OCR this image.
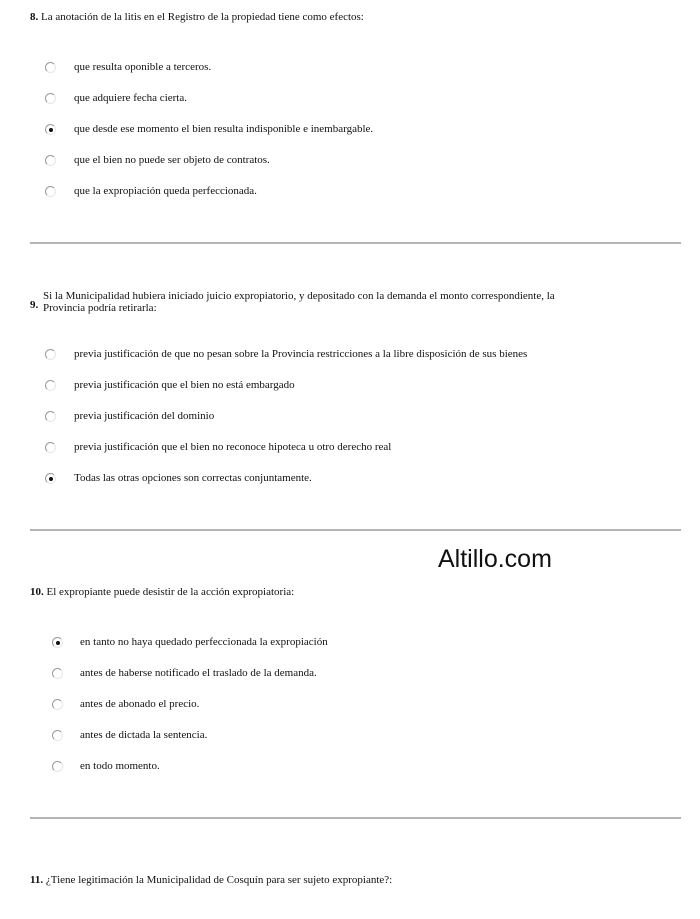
8. La anotación de la litis en el Registro de la propiedad tiene como efectos:
que resulta oponible a terceros.
que adquiere fecha cierta.
que desde ese momento el bien resulta indisponible e inembargable.
que el bien no puede ser objeto de contratos.
que la expropiación queda perfeccionada.
9.
Si la Municipalidad hubiera iniciado juicio expropiatorio, y depositado con la demanda el monto correspondiente, la
Provincia podría retirarla:
previa justificación de que no pesan sobre la Provincia restricciones a la libre disposición de sus bienes
previa justificación que el bien no está embargado
previa justificación del dominio
previa justificación que el bien no reconoce hipoteca u otro derecho real
Todas las otras opciones son correctas conjuntamente.
Altillo.com
10. El expropiante puede desistir de la acción expropiatoria:
en tanto no haya quedado perfeccionada la expropiación
antes de haberse notificado el traslado de la demanda.
antes de abonado el precio.
antes de dictada la sentencia.
en todo momento.
11. ¿Tiene legitimación la Municipalidad de Cosquín para ser sujeto expropiante?:
